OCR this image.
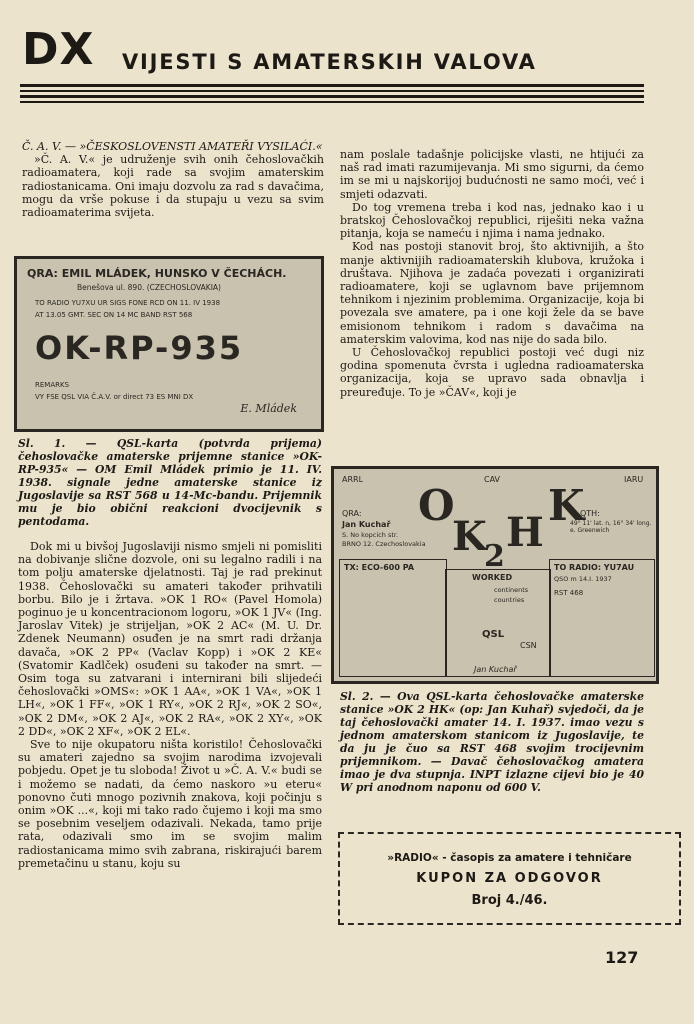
DX VIJESTI S AMATERSKIH VALOVA

Č. A. V. — »ČESKOSLOVENSTI AMATEŘI VYSILAĆI.«

»Č. A. V.« je udruženje svih onih čehoslovačkih radioamatera, koji rade sa svojim amaterskim radiostanicama. Oni imaju dozvolu za rad s davačima, mogu da vrše pokuse i da stupaju u vezu sa svim radioamaterima svijeta.

QRA: EMIL MLÁDEK, HUNSKO V ČECHÁCH.
Benešova ul. 890. (CZECHOSLOVAKIA)
TO RADIO YU7XU UR SIGS FONE RCD ON 11. IV 1938
AT 13.05 GMT. SEC ON 14 MC BAND RST 568
OK-RP-935
REMARKS
VY FSE QSL VIA Č.A.V. or direct 73 ES MNI DX
E. Mládek

Sl. 1. — QSL-karta (potvrda prijema) čehoslovačke amaterske prijemne stanice »OK-RP-935« — OM Emil Mládek primio je 11. IV. 1938. signale jedne amaterske stanice iz Jugoslavije sa RST 568 u 14-Mc-bandu. Prijemnik mu je bio obični reakcioni dvocijevnik s pentodama.

Dok mi u bivšoj Jugoslaviji nismo smjeli ni pomisliti na dobivanje slične dozvole, oni su legalno radili i na tom polju amaterske djelatnosti. Taj je rad prekinut 1938. Čehoslovački su amateri također prihvatili borbu. Bilo je i žrtava. »OK 1 RO« (Pavel Homola) poginuo je u koncentracionom logoru, »OK 1 JV« (Ing. Jaroslav Vitek) je strijeljan, »OK 2 AC« (M. U. Dr. Zdenek Neumann) osuđen je na smrt radi držanja davača, »OK 2 PP« (Vaclav Kopp) i »OK 2 KE« (Svatomir Kadlček) osuđeni su također na smrt. — Osim toga su zatvarani i internirani bili slijedeći čehoslovački »OMS«: »OK 1 AA«, »OK 1 VA«, »OK 1 LH«, »OK 1 FF«, »OK 1 RY«, »OK 2 RJ«, »OK 2 SO«, »OK 2 DM«, »OK 2 AJ«, »OK 2 RA«, »OK 2 XY«, »OK 2 DD«, »OK 2 XF«, »OK 2 EL«.

Sve to nije okupatoru ništa koristilo! Čehoslovački su amateri zajedno sa svojim narodima izvojevali pobjedu. Opet je tu sloboda! Život u »Č. A. V.« budi se i možemo se nadati, da ćemo naskoro »u eteru« ponovno čuti mnogo pozivnih znakova, koji počinju s onim »OK ...«, koji mi tako rado čujemo i koji ma smo se posebnim veseljem odazivali. Nekada, tamo prije rata, odazivali smo im se svojim malim radiostanicama mimo svih zabrana, riskirajući barem premetačinu u stanu, koju su

nam poslale tadašnje policijske vlasti, ne htijući za naš rad imati razumijevanja. Mi smo sigurni, da ćemo im se mi u najskorijoj budućnosti ne samo moći, već i smjeti odazvati.

Do tog vremena treba i kod nas, jednako kao i u bratskoj Čehoslovačkoj republici, riješiti neka važna pitanja, koja se nameću i njima i nama jednako.

Kod nas postoji stanovit broj, što aktivnijih, a što manje aktivnijih radioamaterskih klubova, kružoka i društava. Njihova je zadaća povezati i organizirati radioamatere, koji se uglavnom bave prijemnom tehnikom i njezinim problemima. Organizacije, koja bi povezala sve amatere, pa i one koji žele da se bave emisionom tehnikom i radom s davačima na amaterskim valovima, kod nas nije do sada bilo.

U Čehoslovačkoj republici postoji već dugi niz godina spomenuta čvrsta i ugledna radioamaterska organizacija, koja se upravo sada obnavlja i preuređuje. To je »ČAV«, koji je

ARRL	CAV	IARU
O
K
2
H
K
QRA:
Jan Kuchař
S. No kopcich str.
BRNO 12. Czechoslovakia
QTH:
49° 11' lat. n, 16° 34' long. e. Greenwich
TX: ECO-600 PA
WORKED
continents
countries
QSL
CSN
TO RADIO: YU7AU
QSO m 14.I. 1937
RST 468
Jan Kuchař

Sl. 2. — Ova QSL-karta čehoslovačke amaterske stanice »OK 2 HK« (op: Jan Kuhař) svjedoči, da je taj čehoslovački amater 14. I. 1937. imao vezu s jednom amaterskom stanicom iz Jugoslavije, te da ju je čuo sa RST 468 svojim trocijevnim prijemnikom. — Davač čehoslovačkog amatera imao je dva stupnja. INPT izlazne cijevi bio je 40 W pri anodnom naponu od 600 V.

»RADIO« - časopis za amatere i tehničare
KUPON ZA ODGOVOR
Broj 4./46.
127
